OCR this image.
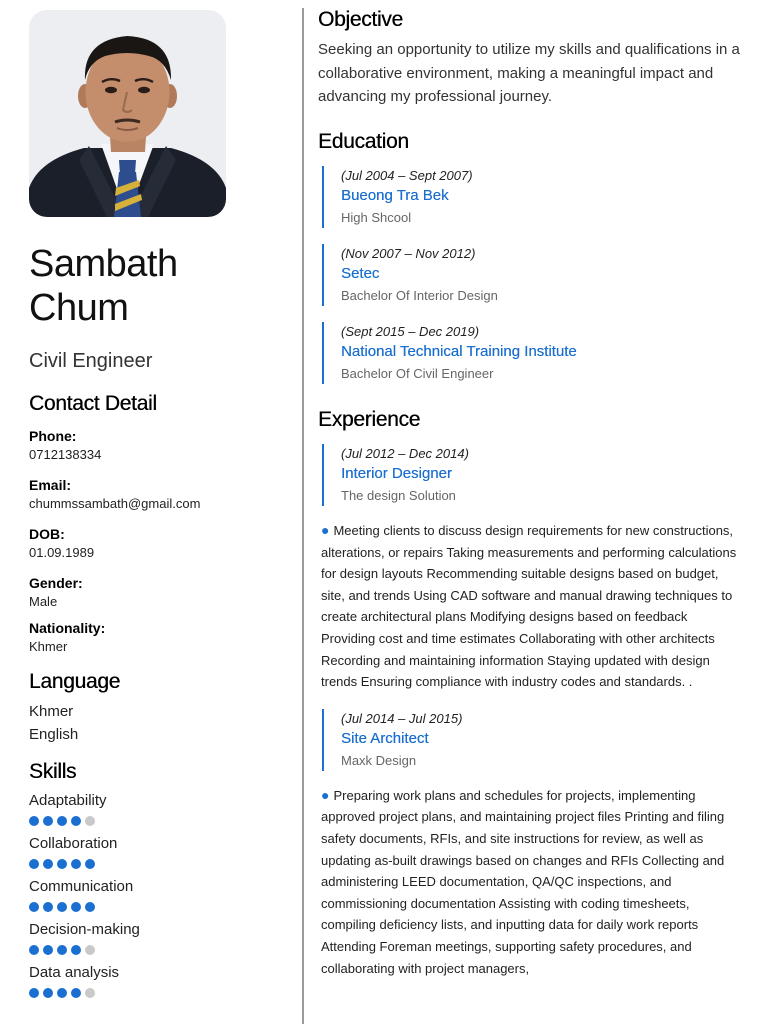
Sambath
Chum
Civil Engineer
Contact Detail
Phone:
0712138334
Email:
chummssambath@gmail.com
DOB:
01.09.1989
Gender:
Male
Nationality:
Khmer
Language
Khmer
English
Skills
Adaptability
Collaboration
Communication
Decision-making
Data analysis
Objective
Seeking an opportunity to utilize my skills and qualifications in a collaborative environment, making a meaningful impact and advancing my professional journey.
Education
(Jul 2004 – Sept 2007)
Bueong Tra Bek
High Shcool
(Nov 2007 – Nov 2012)
Setec
Bachelor Of Interior Design
(Sept 2015 – Dec 2019)
National Technical Training Institute
Bachelor Of Civil Engineer
Experience
(Jul 2012 – Dec 2014)
Interior Designer
The design Solution
● Meeting clients to discuss design requirements for new constructions, alterations, or repairs Taking measurements and performing calculations for design layouts Recommending suitable designs based on budget, site, and trends Using CAD software and manual drawing techniques to create architectural plans Modifying designs based on feedback Providing cost and time estimates Collaborating with other architects Recording and maintaining information Staying updated with design trends Ensuring compliance with industry codes and standards. .
(Jul 2014 – Jul 2015)
Site Architect
Maxk Design
● Preparing work plans and schedules for projects, implementing approved project plans, and maintaining project files Printing and filing safety documents, RFIs, and site instructions for review, as well as updating as-built drawings based on changes and RFIs Collecting and administering LEED documentation, QA/QC inspections, and commissioning documentation Assisting with coding timesheets, compiling deficiency lists, and inputting data for daily work reports Attending Foreman meetings, supporting safety procedures, and collaborating with project managers,
